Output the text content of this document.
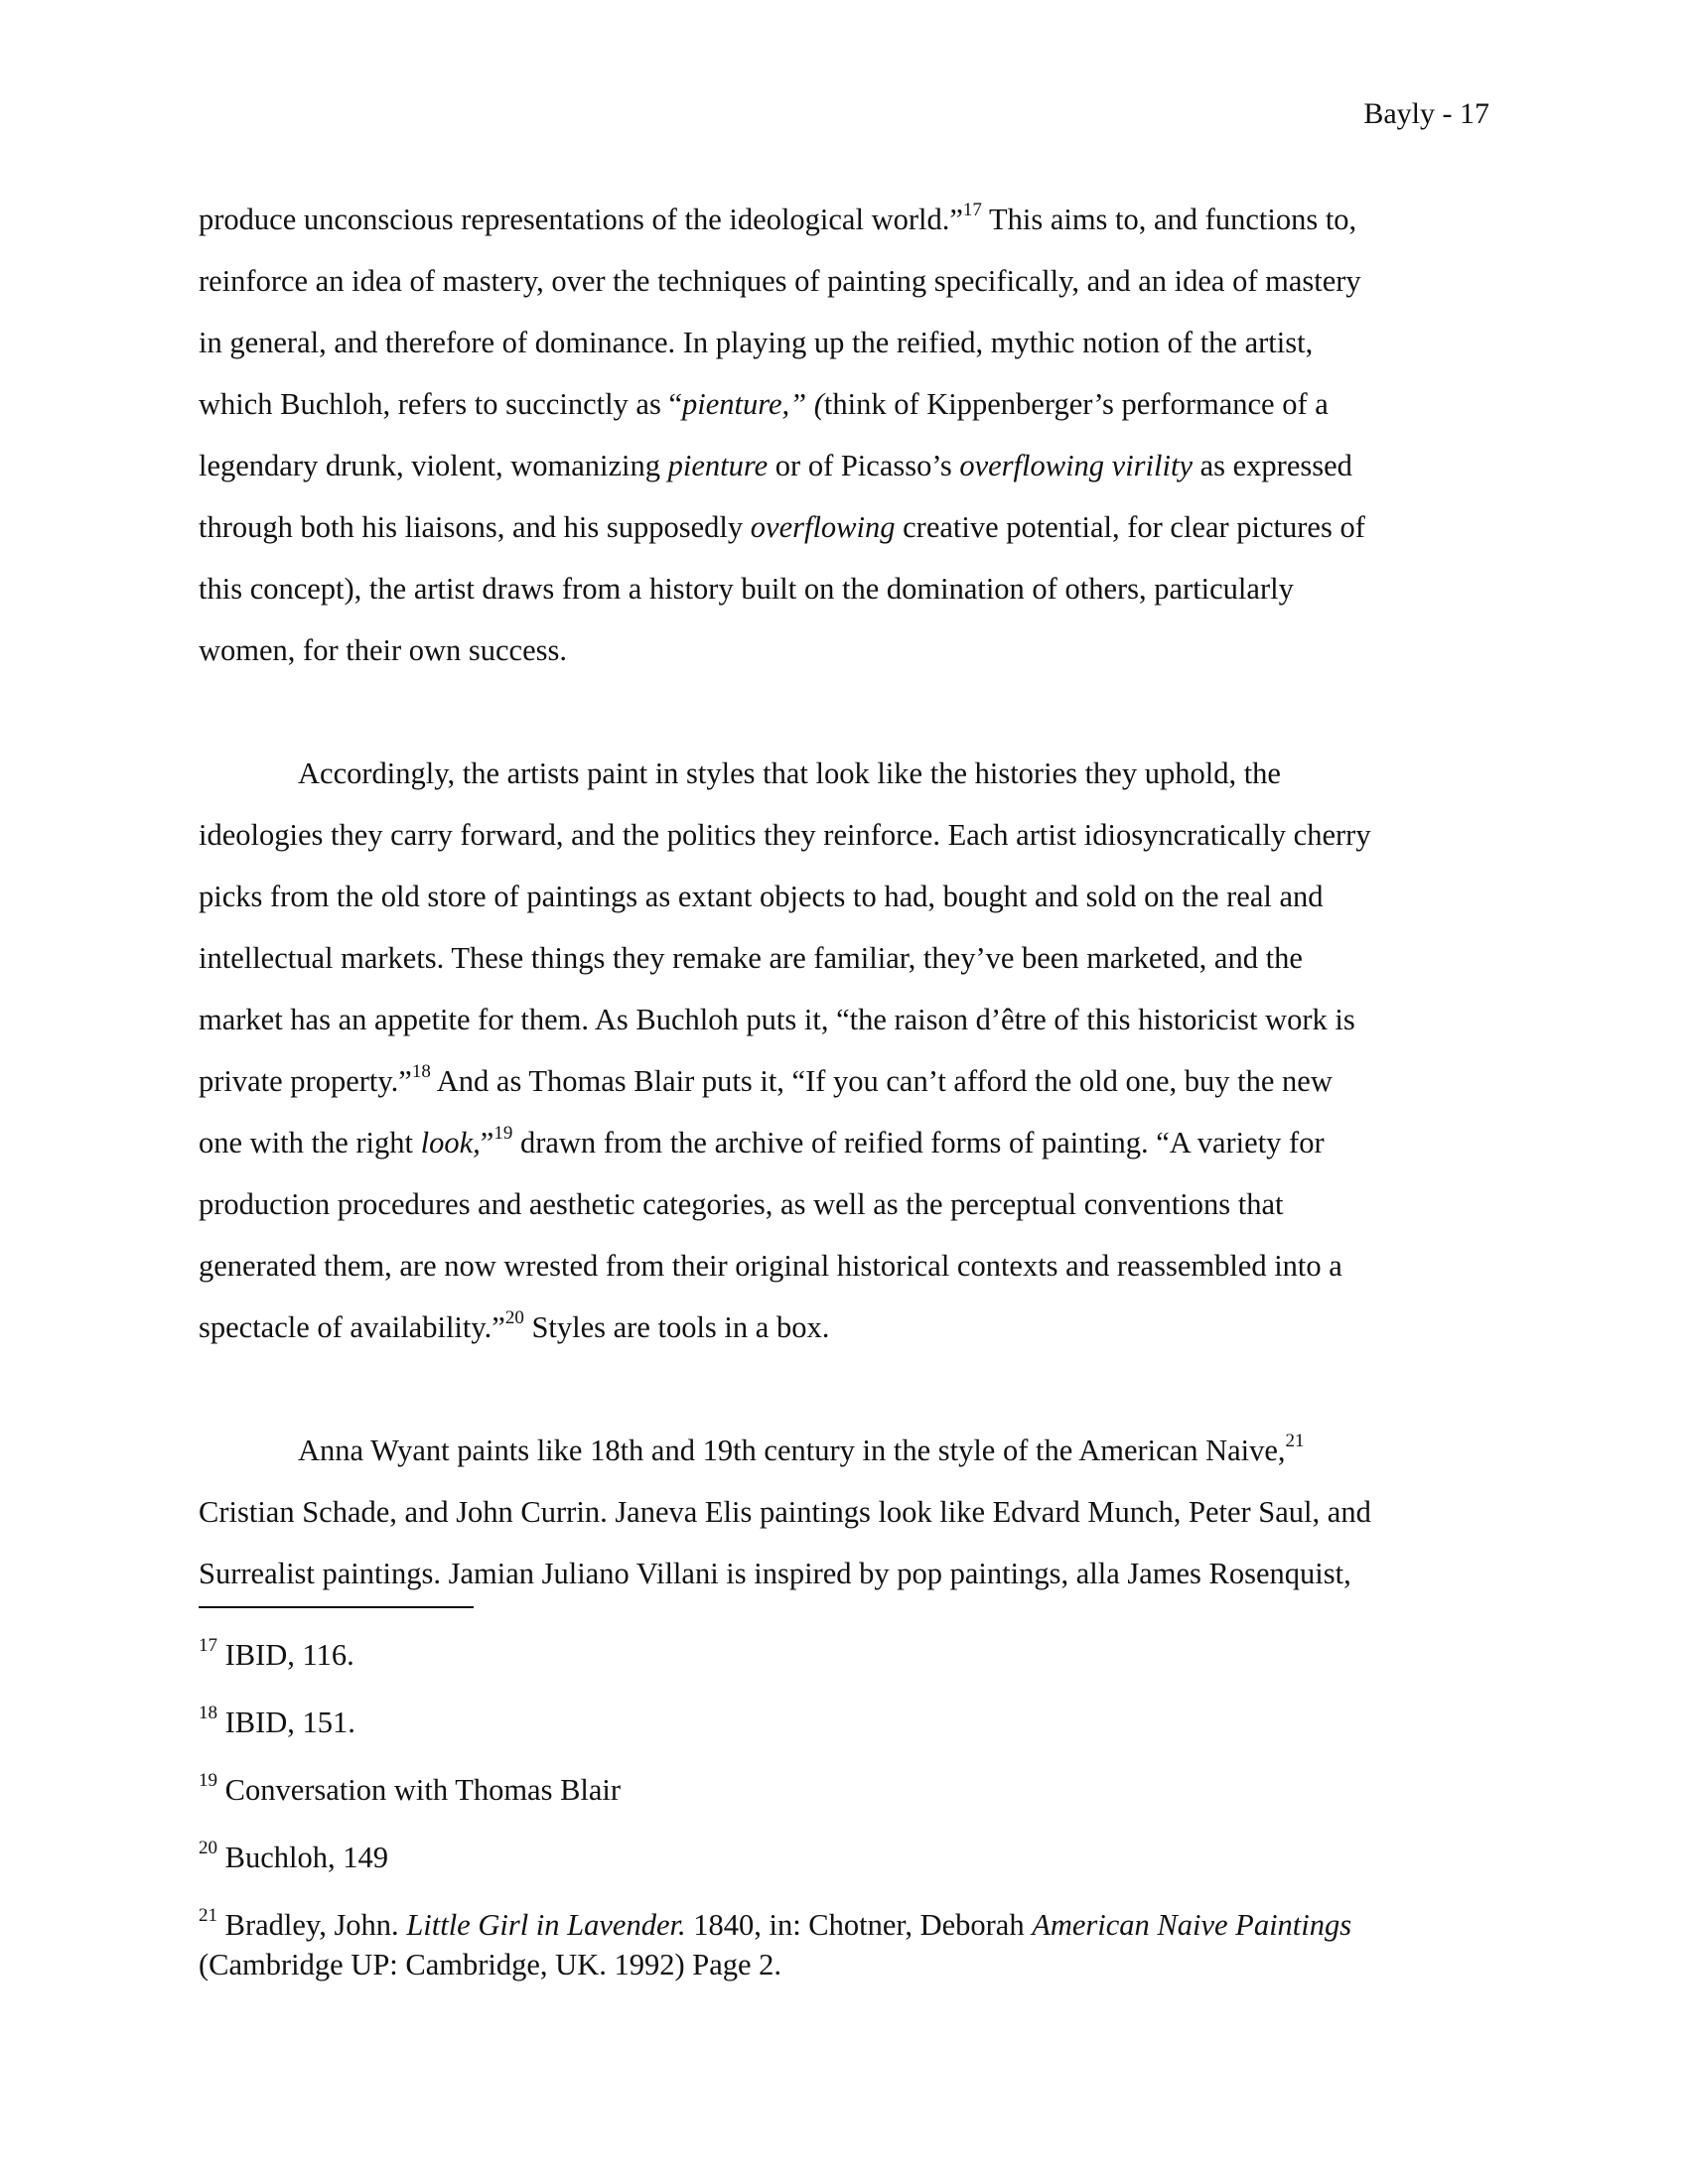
Bayly - 17
produce unconscious representations of the ideological world.”$^{17}$ This aims to, and functions to,
reinforce an idea of mastery, over the techniques of painting specifically, and an idea of mastery
in general, and therefore of dominance. In playing up the reified, mythic notion of the artist,
which Buchloh, refers to succinctly as “pienture,” (think of Kippenberger’s performance of a
legendary drunk, violent, womanizing pienture or of Picasso’s overflowing virility as expressed
through both his liaisons, and his supposedly overflowing creative potential, for clear pictures of
this concept), the artist draws from a history built on the domination of others, particularly
women, for their own success.
Accordingly, the artists paint in styles that look like the histories they uphold, the
ideologies they carry forward, and the politics they reinforce. Each artist idiosyncratically cherry
picks from the old store of paintings as extant objects to had, bought and sold on the real and
intellectual markets. These things they remake are familiar, they’ve been marketed, and the
market has an appetite for them. As Buchloh puts it, “the raison d’être of this historicist work is
private property.”$^{18}$ And as Thomas Blair puts it, “If you can’t afford the old one, buy the new
one with the right look,”$^{19}$ drawn from the archive of reified forms of painting. “A variety for
production procedures and aesthetic categories, as well as the perceptual conventions that
generated them, are now wrested from their original historical contexts and reassembled into a
spectacle of availability.”$^{20}$ Styles are tools in a box.
Anna Wyant paints like 18th and 19th century in the style of the American Naive,$^{21}$
Cristian Schade, and John Currin. Janeva Elis paintings look like Edvard Munch, Peter Saul, and
Surrealist paintings. Jamian Juliano Villani is inspired by pop paintings, alla James Rosenquist,
$^{17}$ IBID, 116.
$^{18}$ IBID, 151.
$^{19}$ Conversation with Thomas Blair
$^{20}$ Buchloh, 149
$^{21}$ Bradley, John. Little Girl in Lavender. 1840, in: Chotner, Deborah American Naive Paintings
(Cambridge UP: Cambridge, UK. 1992) Page 2.
